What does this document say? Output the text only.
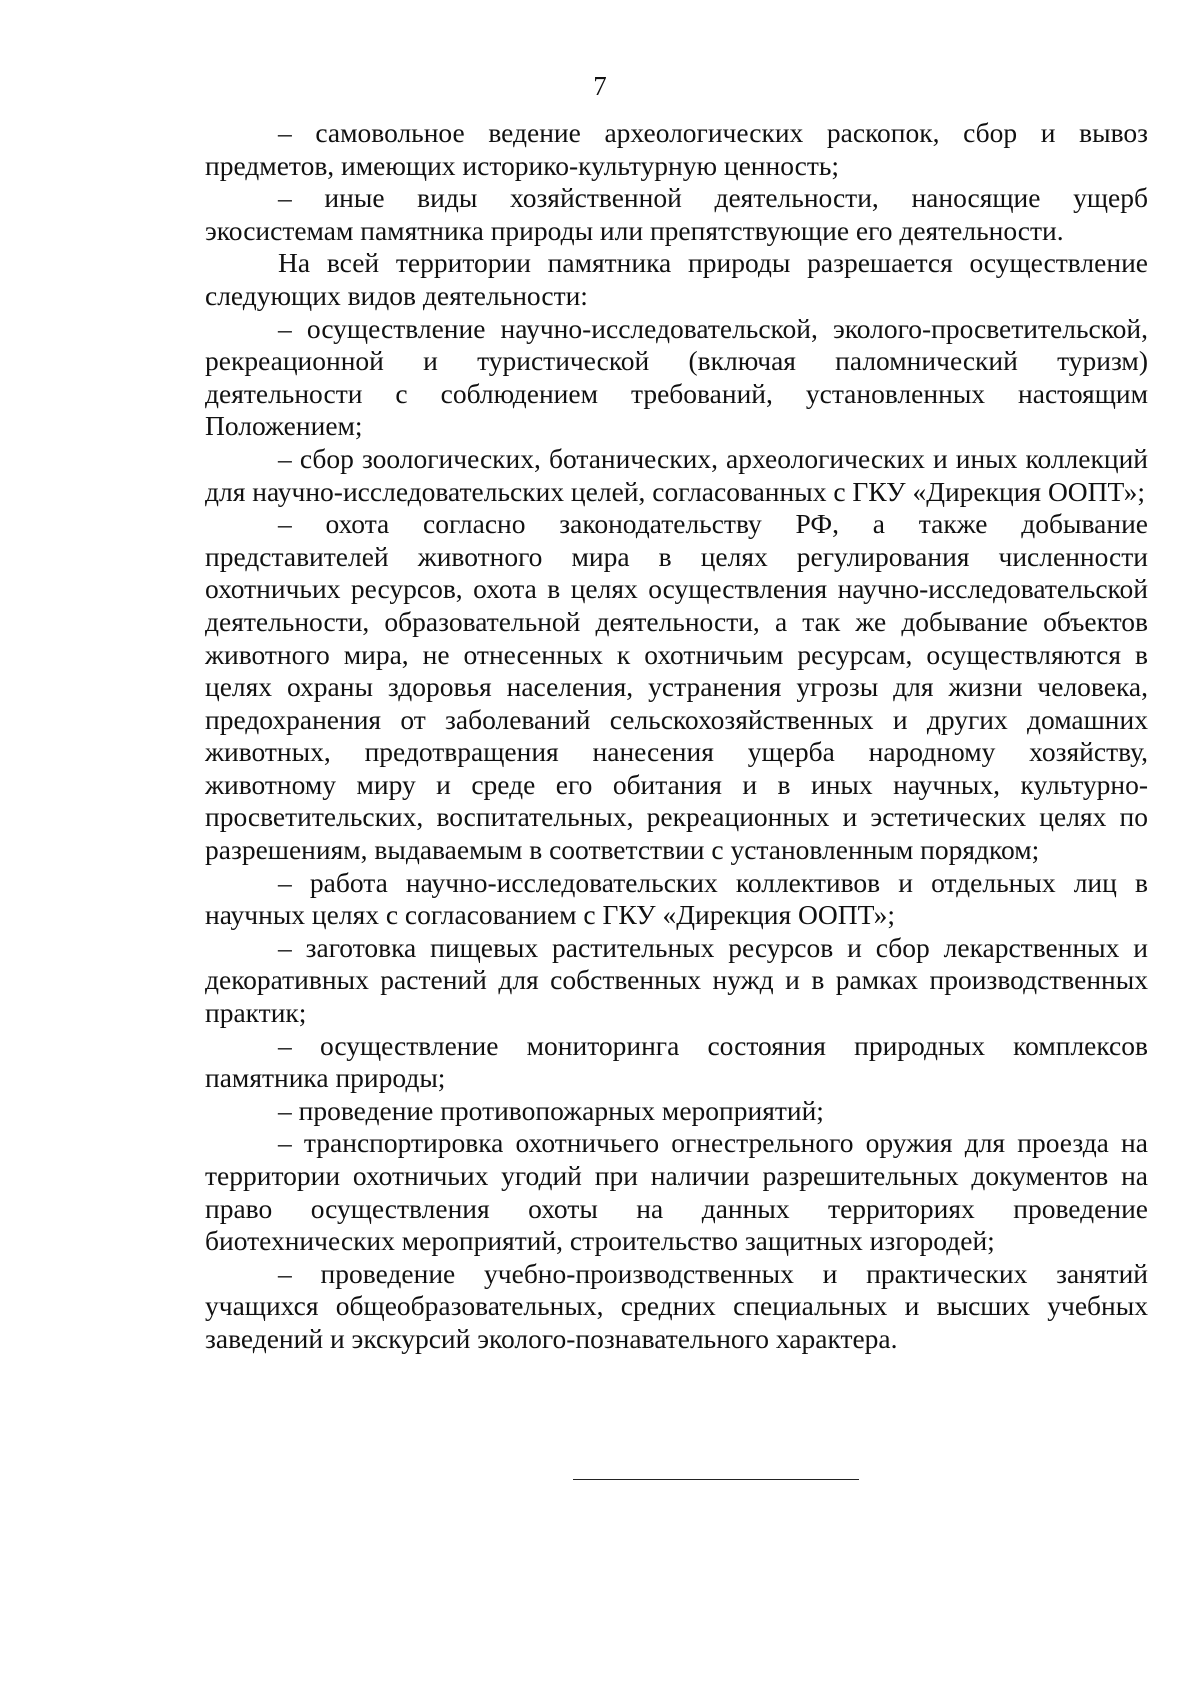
7

– самовольное ведение археологических раскопок, сбор и вывоз предметов, имеющих историко-культурную ценность;

– иные виды хозяйственной деятельности, наносящие ущерб экосистемам памятника природы или препятствующие его деятельности.

На всей территории памятника природы разрешается осуществление следующих видов деятельности:

– осуществление научно-исследовательской, эколого-просветительской, рекреационной и туристической (включая паломнический туризм) деятельности с соблюдением требований, установленных настоящим Положением;

– сбор зоологических, ботанических, археологических и иных коллекций для научно-исследовательских целей, согласованных с ГКУ «Дирекция ООПТ»;

– охота согласно законодательству РФ, а также добывание представителей животного мира в целях регулирования численности охотничьих ресурсов, охота в целях осуществления научно-исследовательской деятельности, образовательной деятельности, а так же добывание объектов животного мира, не отнесенных к охотничьим ресурсам, осуществляются в целях охраны здоровья населения, устранения угрозы для жизни человека, предохранения от заболеваний сельскохозяйственных и других домашних животных, предотвращения нанесения ущерба народному хозяйству, животному миру и среде его обитания и в иных научных, культурно-просветительских, воспитательных, рекреационных и эстетических целях по разрешениям, выдаваемым в соответствии с установленным порядком;

– работа научно-исследовательских коллективов и отдельных лиц в научных целях с согласованием с ГКУ «Дирекция ООПТ»;

– заготовка пищевых растительных ресурсов и сбор лекарственных и декоративных растений для собственных нужд и в рамках производственных практик;

– осуществление мониторинга состояния природных комплексов памятника природы;

– проведение противопожарных мероприятий;

– транспортировка охотничьего огнестрельного оружия для проезда на территории охотничьих угодий при наличии разрешительных документов на право осуществления охоты на данных территориях проведение биотехнических мероприятий, строительство защитных изгородей;

– проведение учебно-производственных и практических занятий учащихся общеобразовательных, средних специальных и высших учебных заведений и экскурсий эколого-познавательного характера.
